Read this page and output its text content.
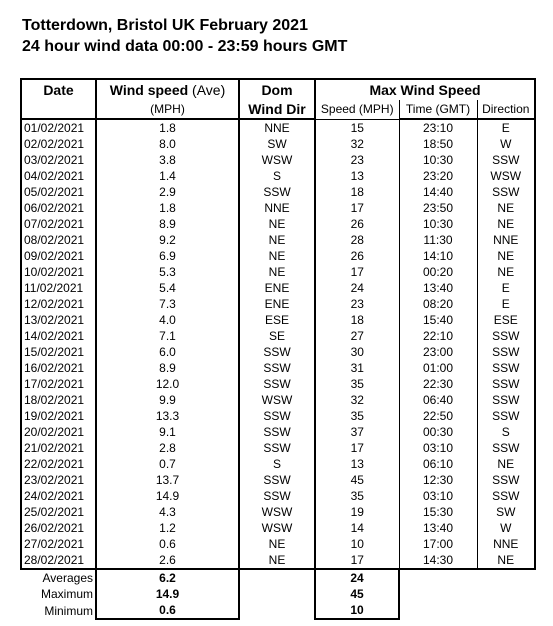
Totterdown, Bristol UK February 2021
24 hour wind data 00:00 - 23:59 hours GMT
Date	Wind speed (Ave)	Dom	Max Wind Speed		
	(MPH)	Wind Dir	Speed (MPH)	Time (GMT)	Direction
01/02/2021	1.8	NNE	15	23:10	E
02/02/2021	8.0	SW	32	18:50	W
03/02/2021	3.8	WSW	23	10:30	SSW
04/02/2021	1.4	S	13	23:20	WSW
05/02/2021	2.9	SSW	18	14:40	SSW
06/02/2021	1.8	NNE	17	23:50	NE
07/02/2021	8.9	NE	26	10:30	NE
08/02/2021	9.2	NE	28	11:30	NNE
09/02/2021	6.9	NE	26	14:10	NE
10/02/2021	5.3	NE	17	00:20	NE
11/02/2021	5.4	ENE	24	13:40	E
12/02/2021	7.3	ENE	23	08:20	E
13/02/2021	4.0	ESE	18	15:40	ESE
14/02/2021	7.1	SE	27	22:10	SSW
15/02/2021	6.0	SSW	30	23:00	SSW
16/02/2021	8.9	SSW	31	01:00	SSW
17/02/2021	12.0	SSW	35	22:30	SSW
18/02/2021	9.9	WSW	32	06:40	SSW
19/02/2021	13.3	SSW	35	22:50	SSW
20/02/2021	9.1	SSW	37	00:30	S
21/02/2021	2.8	SSW	17	03:10	SSW
22/02/2021	0.7	S	13	06:10	NE
23/02/2021	13.7	SSW	45	12:30	SSW
24/02/2021	14.9	SSW	35	03:10	SSW
25/02/2021	4.3	WSW	19	15:30	SW
26/02/2021	1.2	WSW	14	13:40	W
27/02/2021	0.6	NE	10	17:00	NNE
28/02/2021	2.6	NE	17	14:30	NE
Averages	6.2		24		
Maximum	14.9		45		
Minimum	0.6		10		
